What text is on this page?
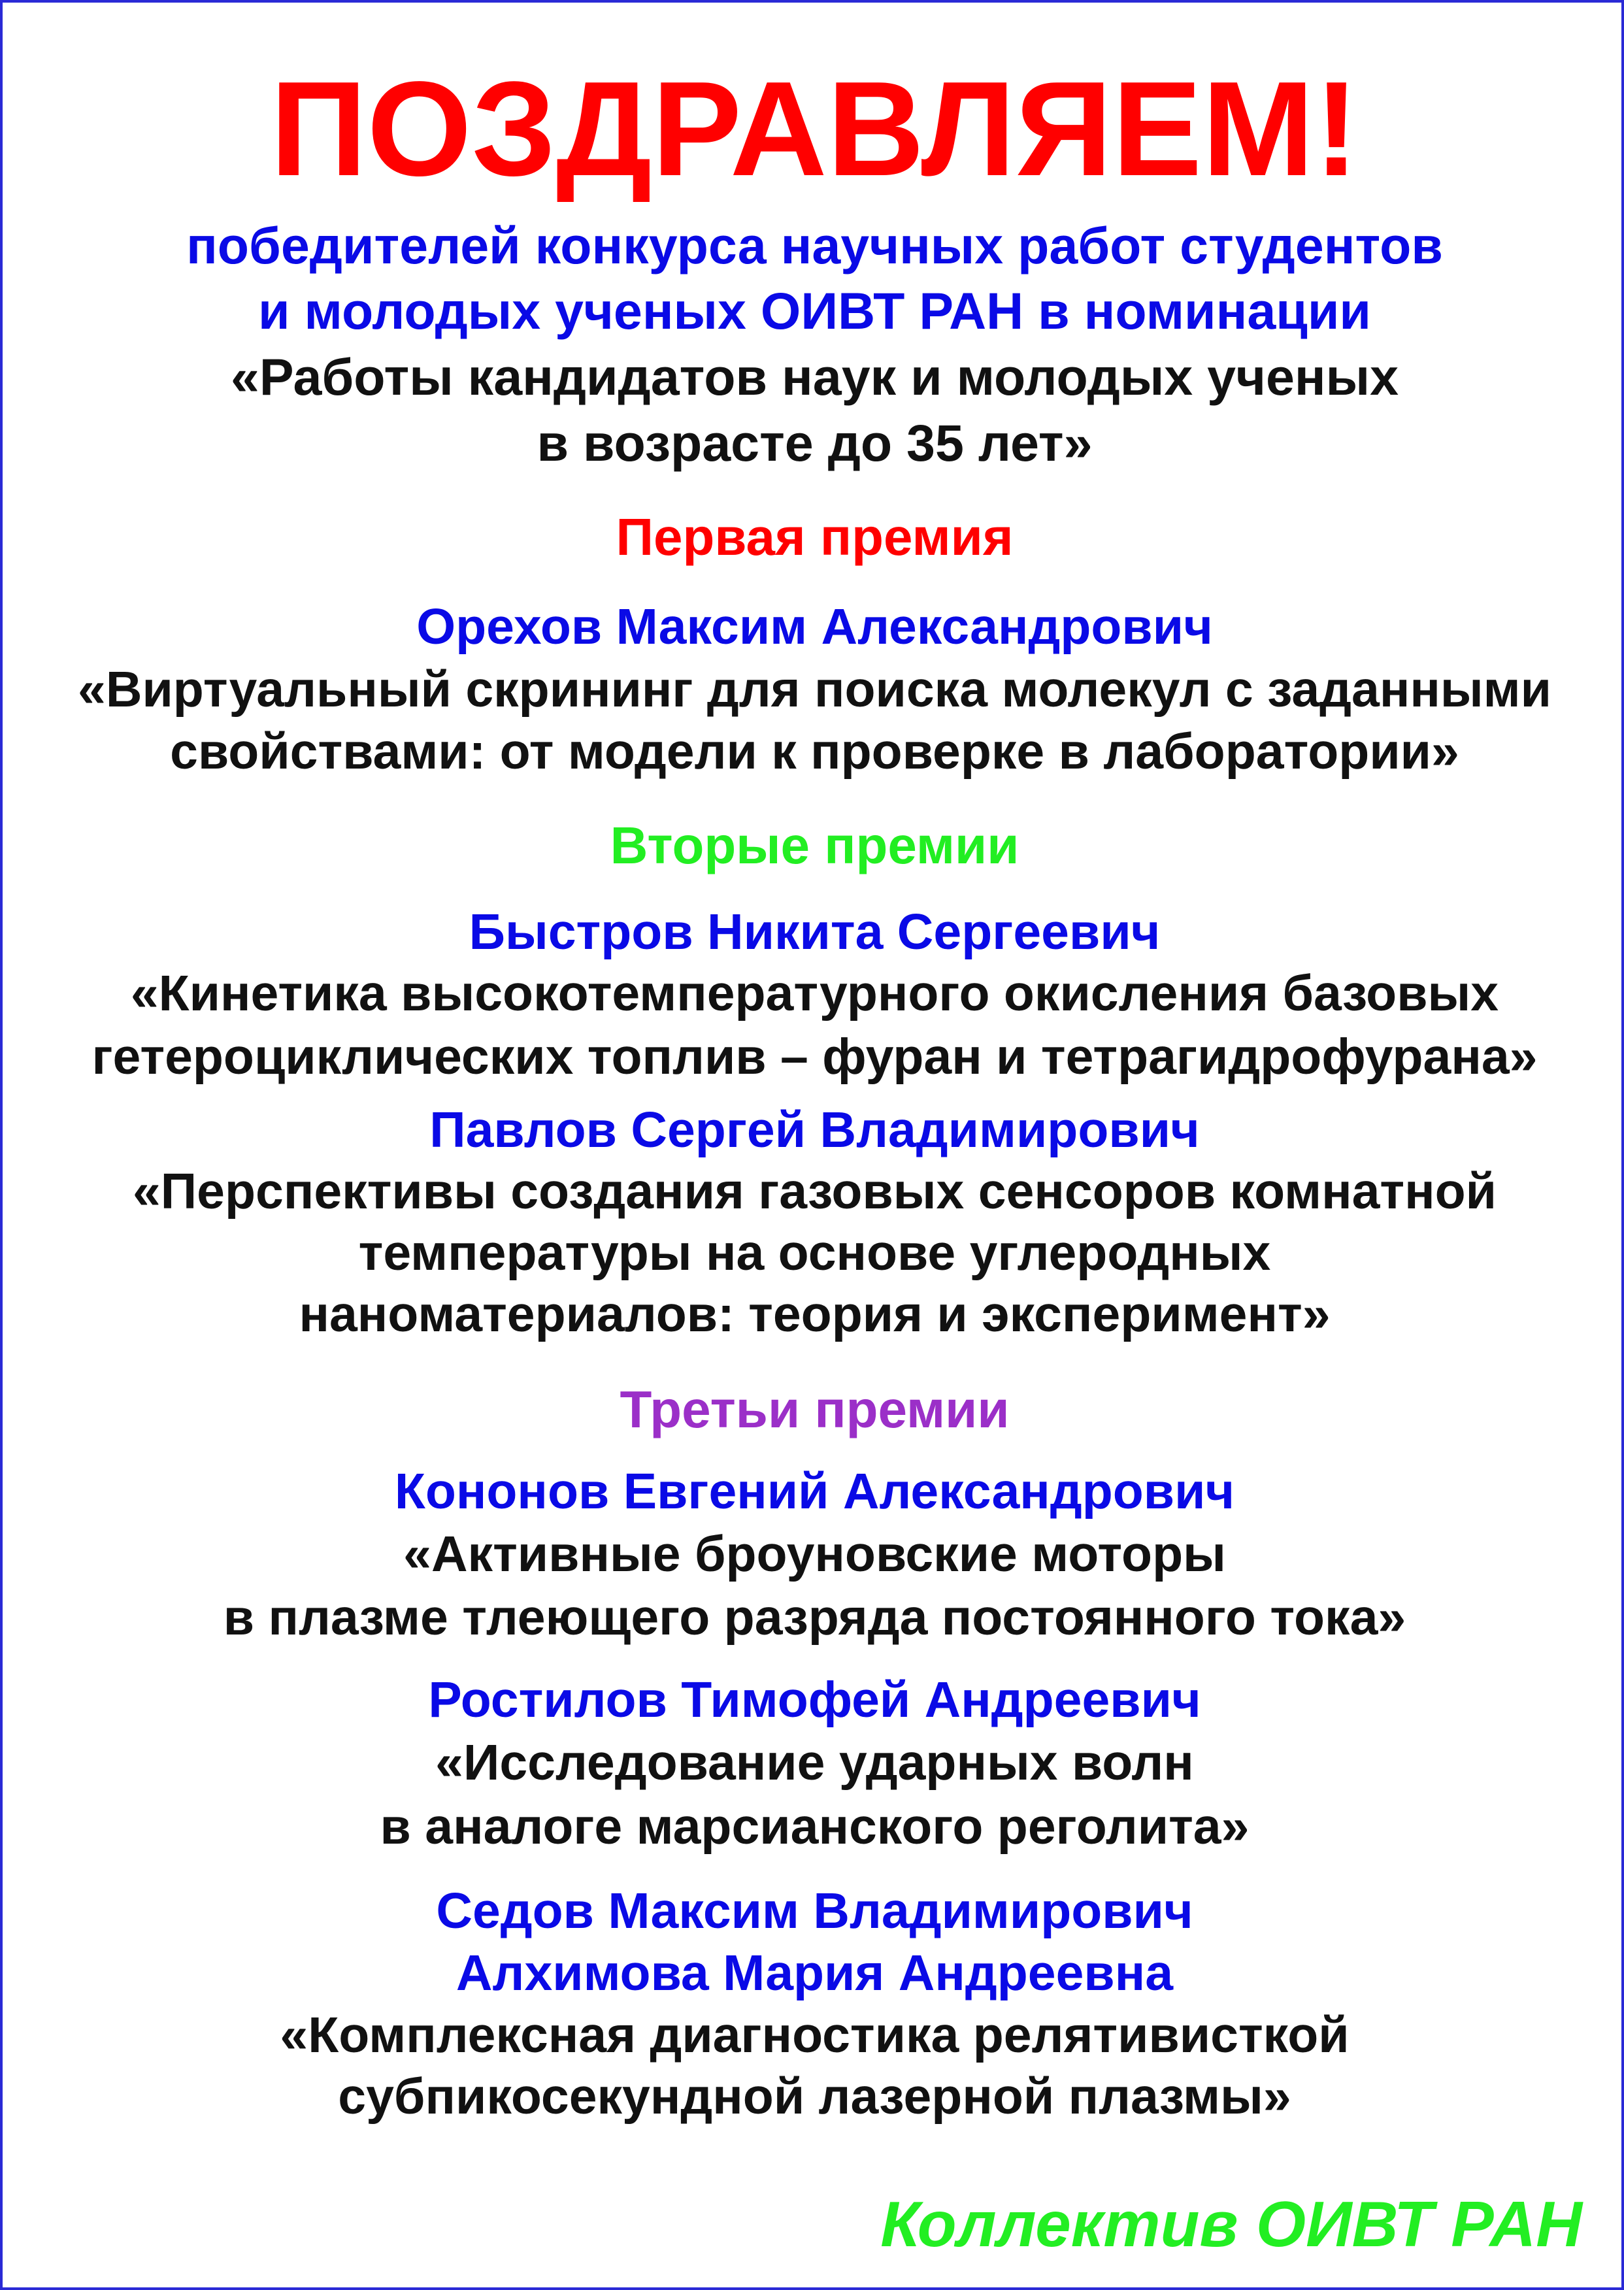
ПОЗДРАВЛЯЕМ!
победителей конкурса научных работ студентов
и молодых ученых ОИВТ РАН в номинации
«Работы кандидатов наук и молодых ученых
в возрасте до 35 лет»
Первая премия
Орехов Максим Александрович
«Виртуальный скрининг для поиска молекул с заданными
свойствами: от модели к проверке в лаборатории»
Вторые премии
Быстров Никита Сергеевич
«Кинетика высокотемпературного окисления базовых
гетероциклических топлив – фуран и тетрагидрофурана»
Павлов Сергей Владимирович
«Перспективы создания газовых сенсоров комнатной
температуры на основе углеродных
наноматериалов: теория и эксперимент»
Третьи премии
Кононов Евгений Александрович
«Активные броуновские моторы
в плазме тлеющего разряда постоянного тока»
Ростилов Тимофей Андреевич
«Исследование ударных волн
в аналоге марсианского реголита»
Седов Максим Владимирович
Алхимова Мария Андреевна
«Комплексная диагностика релятивисткой
субпикосекундной лазерной плазмы»
Коллектив ОИВТ РАН
